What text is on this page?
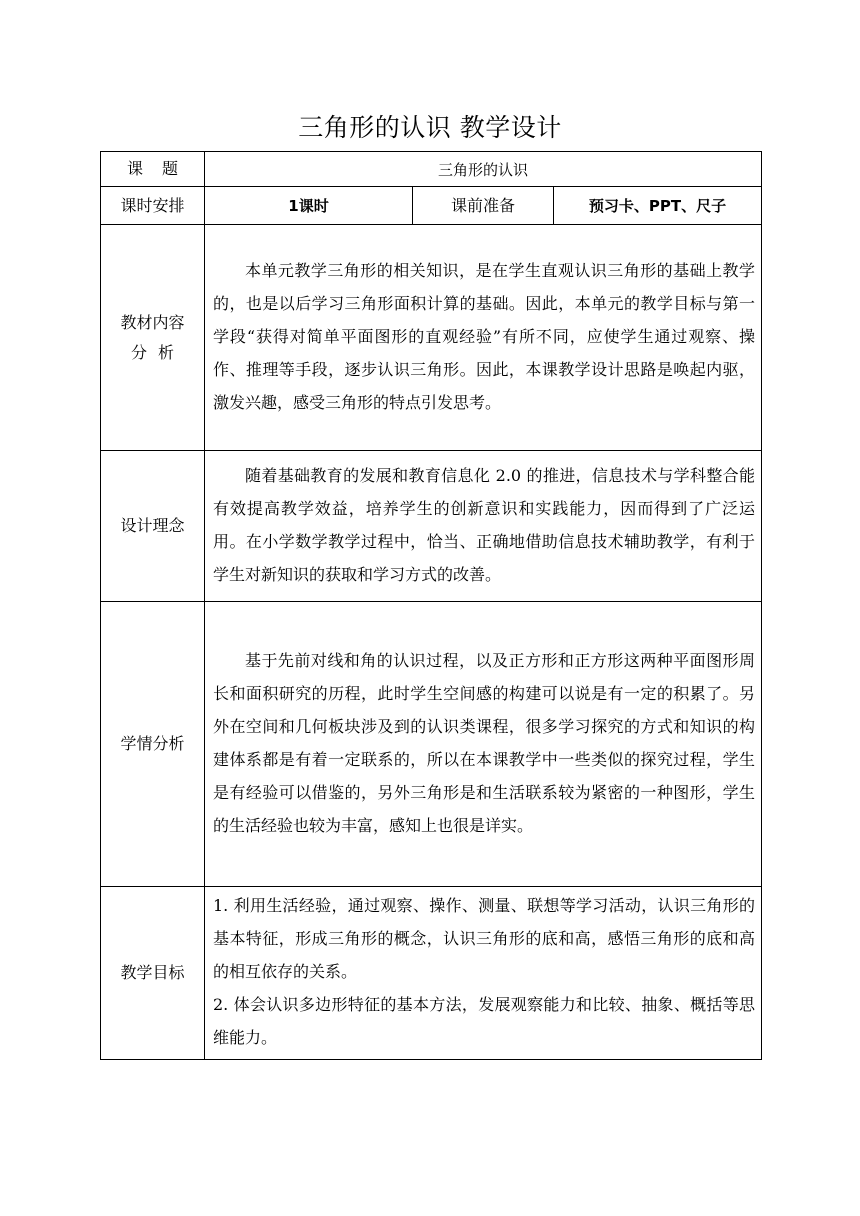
三角形的认识 教学设计
课 题	三角形的认识		
课时安排	1课时	课前准备	预习卡、PPT、尺子

教材内容
分 析	本单元教学三角形的相关知识，是在学生直观认识三角形的基础上教学的，也是以后学习三角形面积计算的基础。因此，本单元的教学目标与第一学段“获得对简单平面图形的直观经验”有所不同，应使学生通过观察、操作、推理等手段，逐步认识三角形。因此，本课教学设计思路是唤起内驱，激发兴趣，感受三角形的特点引发思考。		

设计理念	随着基础教育的发展和教育信息化 2.0 的推进，信息技术与学科整合能有效提高教学效益，培养学生的创新意识和实践能力，因而得到了广泛运用。在小学数学教学过程中，恰当、正确地借助信息技术辅助教学，有利于学生对新知识的获取和学习方式的改善。		

学情分析	基于先前对线和角的认识过程，以及正方形和正方形这两种平面图形周长和面积研究的历程，此时学生空间感的构建可以说是有一定的积累了。另外在空间和几何板块涉及到的认识类课程，很多学习探究的方式和知识的构建体系都是有着一定联系的，所以在本课教学中一些类似的探究过程，学生是有经验可以借鉴的，另外三角形是和生活联系较为紧密的一种图形，学生的生活经验也较为丰富，感知上也很是详实。		

教学目标	1. 利用生活经验，通过观察、操作、测量、联想等学习活动，认识三角形的基本特征，形成三角形的概念，认识三角形的底和高，感悟三角形的底和高的相互依存的关系。

2. 体会认识多边形特征的基本方法，发展观察能力和比较、抽象、概括等思维能力。		
